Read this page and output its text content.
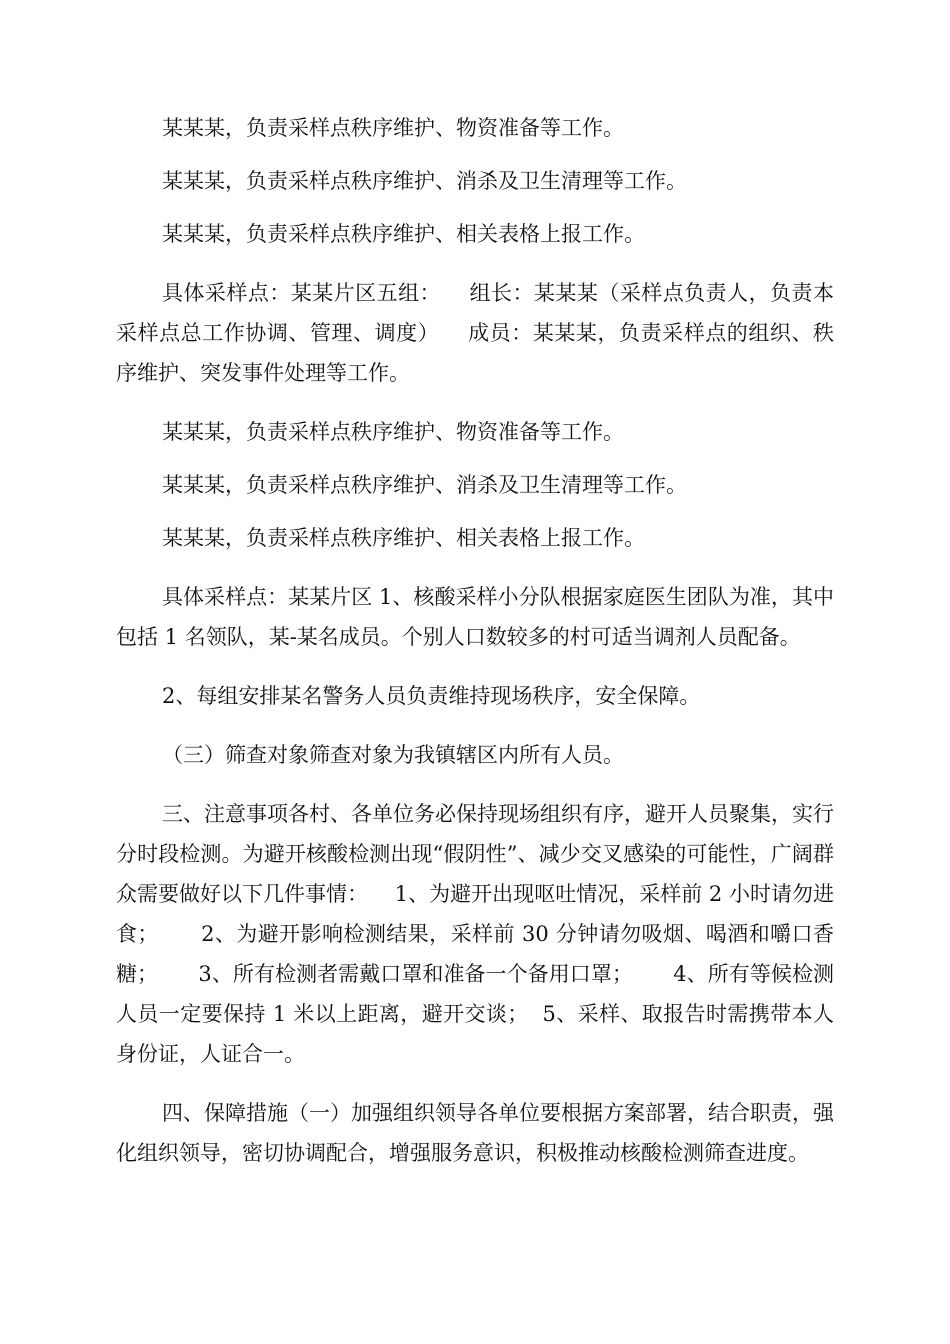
某某某，负责采样点秩序维护、物资准备等工作。

某某某，负责采样点秩序维护、消杀及卫生清理等工作。

某某某，负责采样点秩序维护、相关表格上报工作。

具体采样点：某某片区五组：    组长：某某某（采样点负责人，负责本采样点总工作协调、管理、调度）    成员：某某某，负责采样点的组织、秩序维护、突发事件处理等工作。

某某某，负责采样点秩序维护、物资准备等工作。

某某某，负责采样点秩序维护、消杀及卫生清理等工作。

某某某，负责采样点秩序维护、相关表格上报工作。

具体采样点：某某片区 1、核酸采样小分队根据家庭医生团队为准，其中包括 1 名领队，某-某名成员。个别人口数较多的村可适当调剂人员配备。

2、每组安排某名警务人员负责维持现场秩序，安全保障。

（三）筛查对象筛查对象为我镇辖区内所有人员。

三、注意事项各村、各单位务必保持现场组织有序，避开人员聚集，实行分时段检测。为避开核酸检测出现“假阴性”、减少交叉感染的可能性，广阔群众需要做好以下几件事情：    1、为避开出现呕吐情况，采样前 2 小时请勿进食；      2、为避开影响检测结果，采样前 30 分钟请勿吸烟、喝酒和嚼口香糖；      3、所有检测者需戴口罩和准备一个备用口罩；      4、所有等候检测人员一定要保持 1 米以上距离，避开交谈；  5、采样、取报告时需携带本人身份证，人证合一。

四、保障措施（一）加强组织领导各单位要根据方案部署，结合职责，强化组织领导，密切协调配合，增强服务意识，积极推动核酸检测筛查进度。
